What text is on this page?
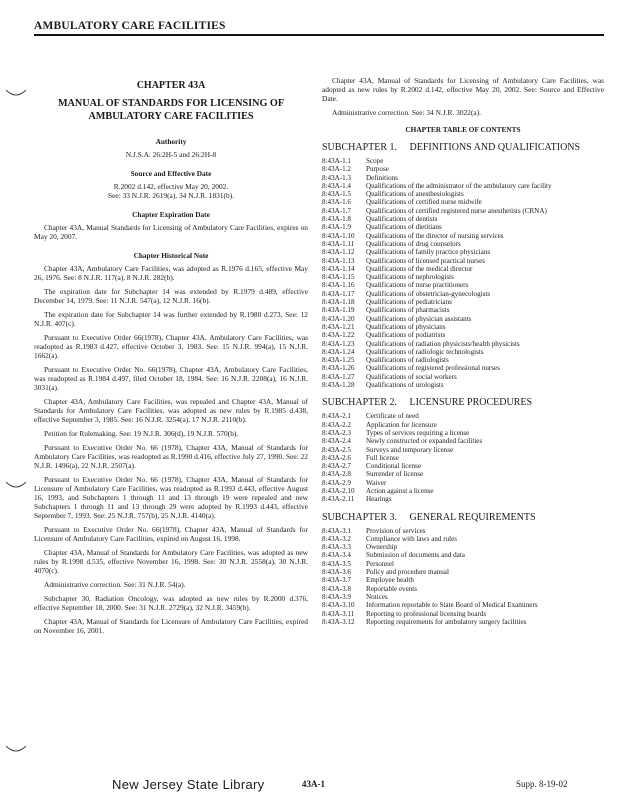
AMBULATORY CARE FACILITIES
CHAPTER 43A
MANUAL OF STANDARDS FOR LICENSING OF AMBULATORY CARE FACILITIES
Authority
N.J.S.A. 26:2H-5 and 26:2H-8
Source and Effective Date
R.2002 d.142, effective May 20, 2002.
See: 33 N.J.R. 2619(a), 34 N.J.R. 1831(b).
Chapter Expiration Date
Chapter 43A, Manual Standards for Licensing of Ambulatory Care Facilities, expires on May 20, 2007.
Chapter Historical Note
Chapter 43A, Ambulatory Care Facilities, was adopted as R.1976 d.165, effective May 26, 1976. See: 8 N.J.R. 117(a), 8 N.J.R. 282(b).
The expiration date for Subchapter 14 was extended by R.1979 d.489, effective December 14, 1979. See: 11 N.J.R. 547(a), 12 N.J.R. 16(b).
The expiration date for Subchapter 14 was further extended by R.1980 d.273. See: 12 N.J.R. 407(c).
Pursuant to Executive Order 66(1978), Chapter 43A, Ambulatory Care Facilities, was readopted as R.1983 d.427, effective October 3, 1983. See: 15 N.J.R. 994(a), 15 N.J.R. 1662(a).
Pursuant to Executive Order No. 66(1978), Chapter 43A, Ambulatory Care Facilities, was readopted as R.1984 d.497, filed October 18, 1984. See: 16 N.J.R. 2208(a), 16 N.J.R. 3031(a).
Chapter 43A, Ambulatory Care Facilities, was repealed and Chapter 43A, Manual of Standards for Ambulatory Care Facilities, was adopted as new rules by R.1985 d.438, effective September 3, 1985. See: 16 N.J.R. 3254(a), 17 N.J.R. 2110(b).
Petition for Rulemaking. See: 19 N.J.R. 306(d), 19 N.J.R. 570(b).
Pursuant to Executive Order No. 66 (1978), Chapter 43A, Manual of Standards for Ambulatory Care Facilities, was readopted as R.1990 d.416, effective July 27, 1990. See: 22 N.J.R. 1496(a), 22 N.J.R. 2507(a).
Pursuant to Executive Order No. 66 (1978), Chapter 43A, Manual of Standards for Licensure of Ambulatory Care Facilities, was readopted as R.1993 d.443, effective August 16, 1993, and Subchapters 1 through 11 and 13 through 19 were repealed and new Subchapters 1 through 11 and 13 through 29 were adopted by R.1993 d.443, effective September 7, 1993. See: 25 N.J.R. 757(b), 25 N.J.R. 4140(a).
Pursuant to Executive Order No. 66(1978), Chapter 43A, Manual of Standards for Licensure of Ambulatory Care Facilities, expired on August 16, 1998.
Chapter 43A, Manual of Standards for Ambulatory Care Facilities, was adopted as new rules by R.1998 d.535, effective November 16, 1998. See: 30 N.J.R. 2558(a), 30 N.J.R. 4070(c).
Administrative correction. See: 31 N.J.R. 54(a).
Subchapter 30, Radiation Oncology, was adopted as new rules by R.2000 d.376, effective September 18, 2000. See: 31 N.J.R. 2729(a), 32 N.J.R. 3459(b).
Chapter 43A, Manual of Standards for Licensure of Ambulatory Care Facilities, expired on November 16, 2001.
Chapter 43A, Manual of Standards for Licensing of Ambulatory Care Facilities, was adopted as new rules by R.2002 d.142, effective May 20, 2002. See: Source and Effective Date.
Administrative correction. See: 34 N.J.R. 3022(a).
CHAPTER TABLE OF CONTENTS
SUBCHAPTER 1. DEFINITIONS AND QUALIFICATIONS
8:43A-1.1	Scope
8:43A-1.2	Purpose
8:43A-1.3	Definitions
8:43A-1.4	Qualifications of the administrator of the ambulatory care facility
8:43A-1.5	Qualifications of anesthesiologists
8:43A-1.6	Qualifications of certified nurse midwife
8:43A-1.7	Qualifications of certified registered nurse anesthetists (CRNA)
8:43A-1.8	Qualifications of dentists
8:43A-1.9	Qualifications of dietitians
8:43A-1.10	Qualifications of the director of nursing services
8:43A-1.11	Qualifications of drug counselors
8:43A-1.12	Qualifications of family practice physicians
8:43A-1.13	Qualifications of licensed practical nurses
8:43A-1.14	Qualifications of the medical director
8:43A-1.15	Qualifications of nephrologists
8:43A-1.16	Qualifications of nurse practitioners
8:43A-1.17	Qualifications of obstetrician-gynecologists
8:43A-1.18	Qualifications of pediatricians
8:43A-1.19	Qualifications of pharmacists
8:43A-1.20	Qualifications of physician assistants
8:43A-1.21	Qualifications of physicians
8:43A-1.22	Qualifications of podiatrists
8:43A-1.23	Qualifications of radiation physicists/health physicists
8:43A-1.24	Qualifications of radiologic technologists
8:43A-1.25	Qualifications of radiologists
8:43A-1.26	Qualifications of registered professional nurses
8:43A-1.27	Qualifications of social workers
8:43A-1.28	Qualifications of urologists
SUBCHAPTER 2. LICENSURE PROCEDURES
8:43A-2.1	Certificate of need
8:43A-2.2	Application for licensure
8:43A-2.3	Types of services requiring a license
8:43A-2.4	Newly constructed or expanded facilities
8:43A-2.5	Surveys and temporary license
8:43A-2.6	Full license
8:43A-2.7	Conditional license
8:43A-2.8	Surrender of license
8:43A-2.9	Waiver
8:43A-2.10	Action against a license
8:43A-2.11	Hearings
SUBCHAPTER 3. GENERAL REQUIREMENTS
8:43A-3.1	Provision of services
8:43A-3.2	Compliance with laws and rules
8:43A-3.3	Ownership
8:43A-3.4	Submission of documents and data
8:43A-3.5	Personnel
8:43A-3.6	Policy and procedure manual
8:43A-3.7	Employee health
8:43A-3.8	Reportable events
8:43A-3.9	Notices
8:43A-3.10	Information reportable to State Board of Medical Examiners
8:43A-3.11	Reporting to professional licensing boards
8:43A-3.12	Reporting requirements for ambulatory surgery facilities
New Jersey State Library	43A-1	Supp. 8-19-02
